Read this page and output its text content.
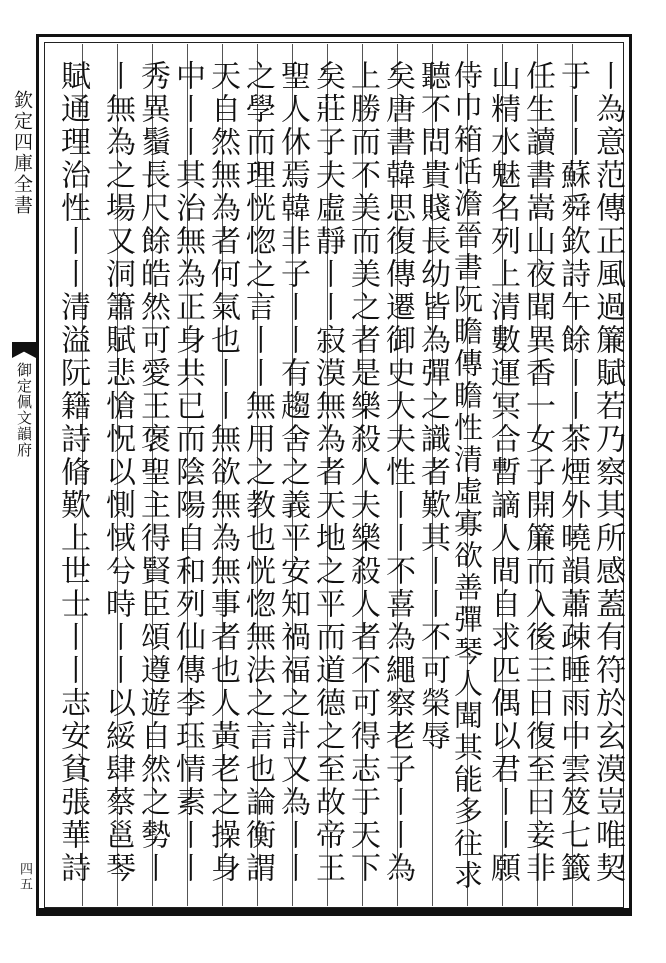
欽定四庫全書
御定佩文韻府
四五	丨為意范傳正風過簾賦若乃察其所感蓋有符於玄漠豈唯契
于丨丨蘇舜欽詩午餘丨丨茶煙外曉韻蕭疎睡雨中雲笈七籤
任生讀書嵩山夜聞異香一女子開簾而入後三日復至曰妾非
山精水魅名列上清數運冥合暫謫人間自求匹偶以君丨丨願
侍巾箱恬澹晉書阮瞻傳瞻性清虛寡欲善彈琴人聞其能多往求
聽不問貴賤長幼皆為彈之識者歎其丨丨不可榮辱
矣唐書韓思復傳遷御史大夫性丨丨不喜為繩察老子丨丨為
上勝而不美而美之者是樂殺人夫樂殺人者不可得志于天下
矣莊子夫虛靜丨丨寂漠無為者天地之平而道德之至故帝王
聖人休焉韓非子丨丨有趨舍之義平安知禍福之計又為丨丨
之學而理恍惚之言丨丨無用之教也恍惚無法之言也論衡謂
天自然無為者何氣也丨丨無欲無為無事者也人黃老之操身
中丨丨其治無為正身共已而陰陽自和列仙傳李珏情素丨丨
秀異鬚長尺餘皓然可愛王褒聖主得賢臣頌遵遊自然之勢丨
丨無為之場又洞簫賦悲愴怳以惻惐兮時丨丨以綏肆蔡邕琴
賦通理治性丨丨清溢阮籍詩脩歎上世士丨丨志安貧張華詩
